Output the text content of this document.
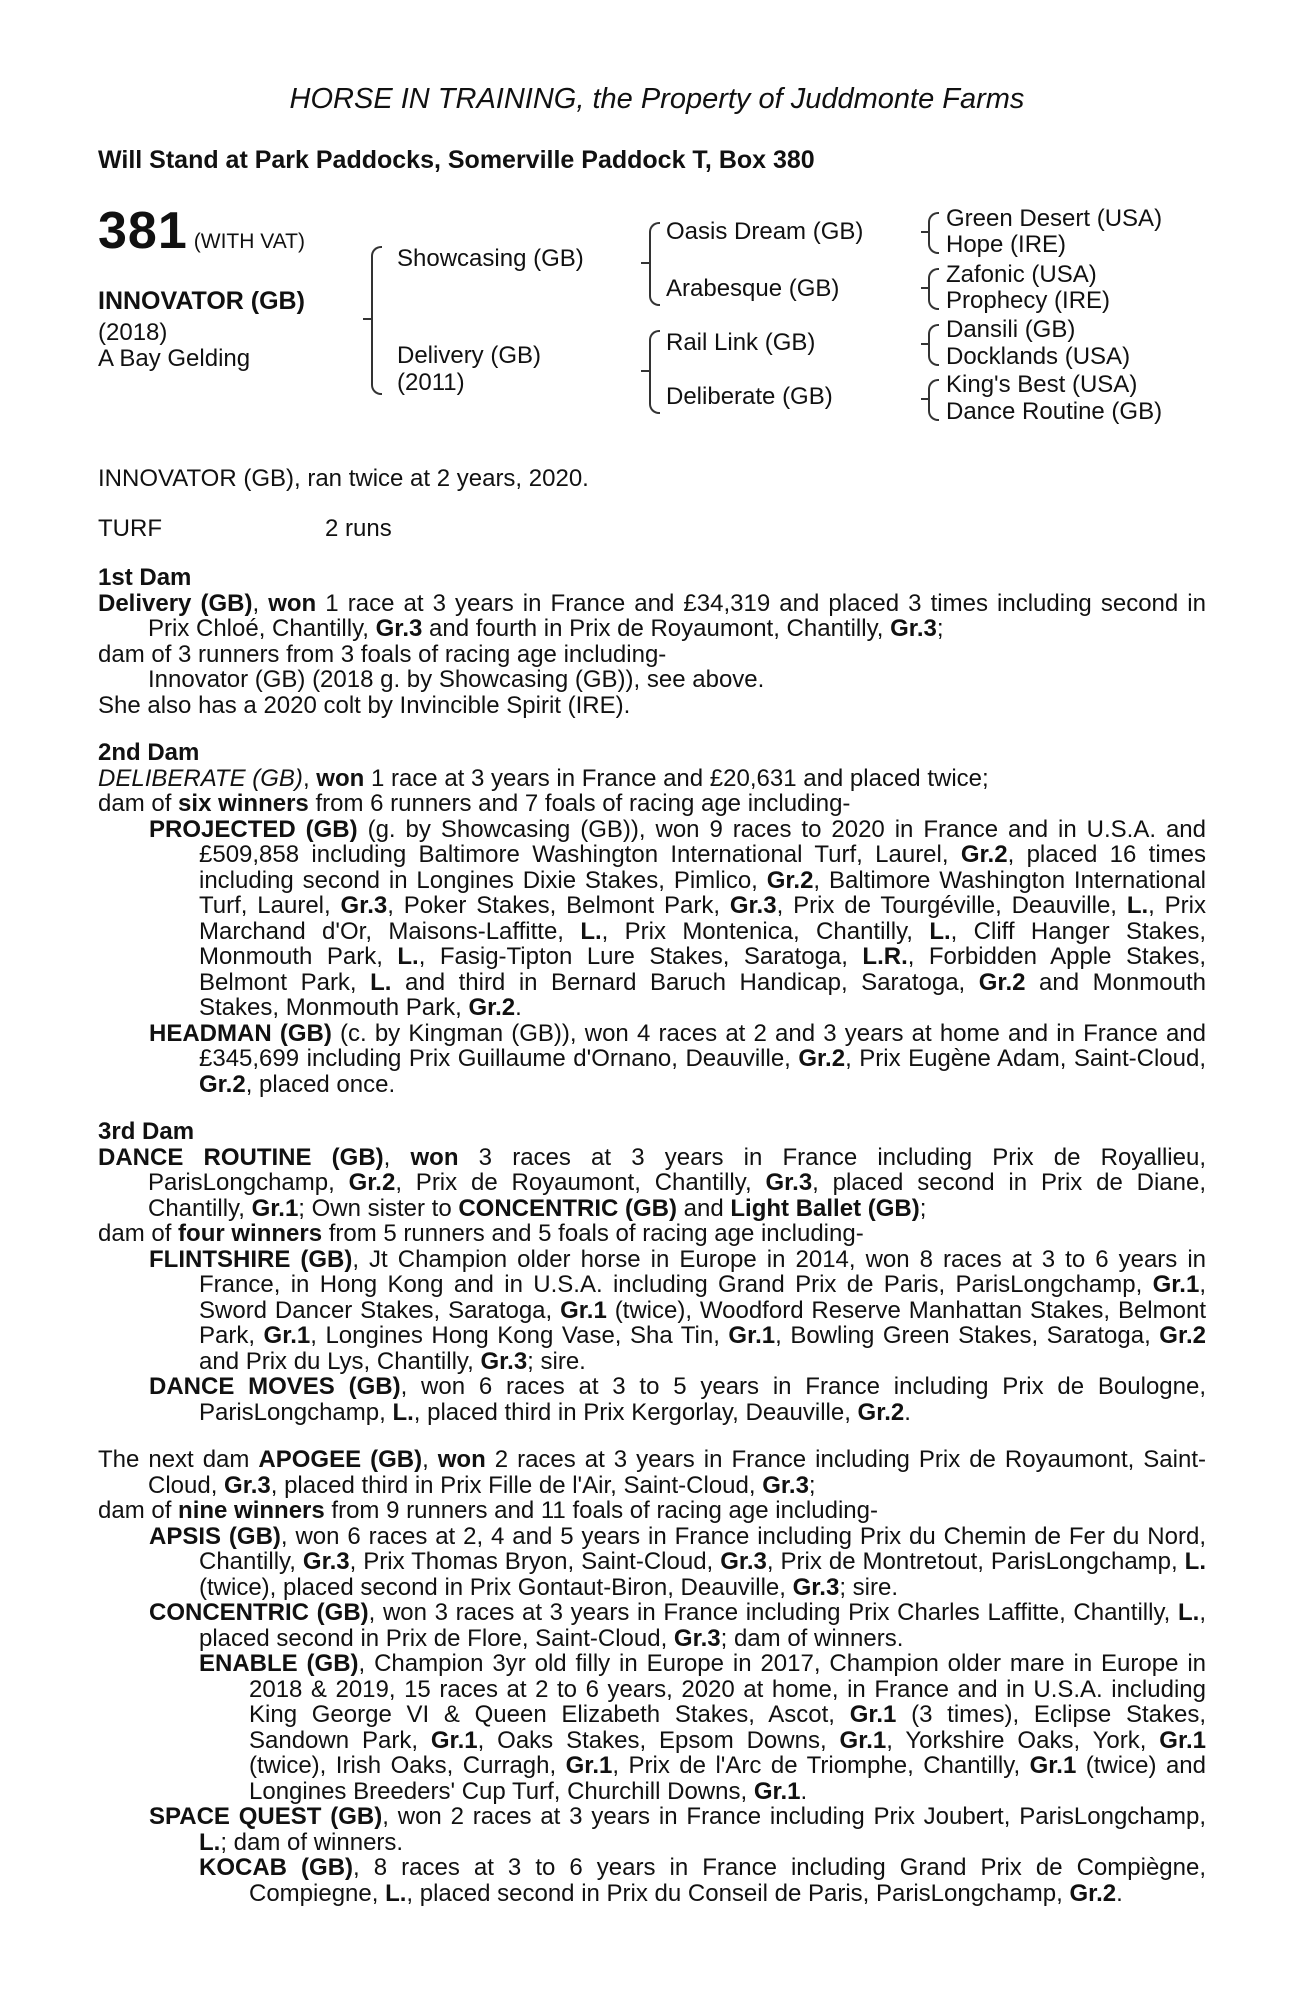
HORSE IN TRAINING, the Property of Juddmonte Farms
Will Stand at Park Paddocks, Somerville Paddock T, Box 380
381 (WITH VAT)
INNOVATOR (GB)
(2018)
A Bay Gelding
Showcasing (GB)
Delivery (GB)
(2011)
Oasis Dream (GB)
Arabesque (GB)
Rail Link (GB)
Deliberate (GB)
Green Desert (USA)
Hope (IRE)
Zafonic (USA)
Prophecy (IRE)
Dansili (GB)
Docklands (USA)
King's Best (USA)
Dance Routine (GB)
INNOVATOR (GB), ran twice at 2 years, 2020.
TURF	2 runs
1st Dam

Delivery (GB), won 1 race at 3 years in France and £34,319 and placed 3 times including second in Prix Chloé, Chantilly, Gr.3 and fourth in Prix de Royaumont, Chantilly, Gr.3;

dam of 3 runners from 3 foals of racing age including-

Innovator (GB) (2018 g. by Showcasing (GB)), see above.

She also has a 2020 colt by Invincible Spirit (IRE).

2nd Dam

DELIBERATE (GB), won 1 race at 3 years in France and £20,631 and placed twice;

dam of six winners from 6 runners and 7 foals of racing age including-

PROJECTED (GB) (g. by Showcasing (GB)), won 9 races to 2020 in France and in U.S.A. and £509,858 including Baltimore Washington International Turf, Laurel, Gr.2, placed 16 times including second in Longines Dixie Stakes, Pimlico, Gr.2, Baltimore Washington International Turf, Laurel, Gr.3, Poker Stakes, Belmont Park, Gr.3, Prix de Tourgéville, Deauville, L., Prix Marchand d'Or, Maisons-Laffitte, L., Prix Montenica, Chantilly, L., Cliff Hanger Stakes, Monmouth Park, L., Fasig-Tipton Lure Stakes, Saratoga, L.R., Forbidden Apple Stakes, Belmont Park, L. and third in Bernard Baruch Handicap, Saratoga, Gr.2 and Monmouth Stakes, Monmouth Park, Gr.2.

HEADMAN (GB) (c. by Kingman (GB)), won 4 races at 2 and 3 years at home and in France and £345,699 including Prix Guillaume d'Ornano, Deauville, Gr.2, Prix Eugène Adam, Saint-Cloud, Gr.2, placed once.

3rd Dam

DANCE ROUTINE (GB), won 3 races at 3 years in France including Prix de Royallieu, ParisLongchamp, Gr.2, Prix de Royaumont, Chantilly, Gr.3, placed second in Prix de Diane, Chantilly, Gr.1; Own sister to CONCENTRIC (GB) and Light Ballet (GB);

dam of four winners from 5 runners and 5 foals of racing age including-

FLINTSHIRE (GB), Jt Champion older horse in Europe in 2014, won 8 races at 3 to 6 years in France, in Hong Kong and in U.S.A. including Grand Prix de Paris, ParisLongchamp, Gr.1, Sword Dancer Stakes, Saratoga, Gr.1 (twice), Woodford Reserve Manhattan Stakes, Belmont Park, Gr.1, Longines Hong Kong Vase, Sha Tin, Gr.1, Bowling Green Stakes, Saratoga, Gr.2 and Prix du Lys, Chantilly, Gr.3; sire.

DANCE MOVES (GB), won 6 races at 3 to 5 years in France including Prix de Boulogne, ParisLongchamp, L., placed third in Prix Kergorlay, Deauville, Gr.2.

The next dam APOGEE (GB), won 2 races at 3 years in France including Prix de Royaumont, Saint-Cloud, Gr.3, placed third in Prix Fille de l'Air, Saint-Cloud, Gr.3;

dam of nine winners from 9 runners and 11 foals of racing age including-

APSIS (GB), won 6 races at 2, 4 and 5 years in France including Prix du Chemin de Fer du Nord, Chantilly, Gr.3, Prix Thomas Bryon, Saint-Cloud, Gr.3, Prix de Montretout, ParisLongchamp, L. (twice), placed second in Prix Gontaut-Biron, Deauville, Gr.3; sire.

CONCENTRIC (GB), won 3 races at 3 years in France including Prix Charles Laffitte, Chantilly, L., placed second in Prix de Flore, Saint-Cloud, Gr.3; dam of winners.

ENABLE (GB), Champion 3yr old filly in Europe in 2017, Champion older mare in Europe in 2018 & 2019, 15 races at 2 to 6 years, 2020 at home, in France and in U.S.A. including King George VI & Queen Elizabeth Stakes, Ascot, Gr.1 (3 times), Eclipse Stakes, Sandown Park, Gr.1, Oaks Stakes, Epsom Downs, Gr.1, Yorkshire Oaks, York, Gr.1 (twice), Irish Oaks, Curragh, Gr.1, Prix de l'Arc de Triomphe, Chantilly, Gr.1 (twice) and Longines Breeders' Cup Turf, Churchill Downs, Gr.1.

SPACE QUEST (GB), won 2 races at 3 years in France including Prix Joubert, ParisLongchamp, L.; dam of winners.

KOCAB (GB), 8 races at 3 to 6 years in France including Grand Prix de Compiègne, Compiegne, L., placed second in Prix du Conseil de Paris, ParisLongchamp, Gr.2.
